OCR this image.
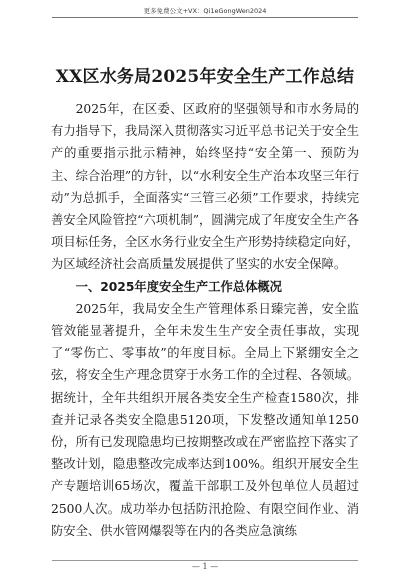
更多免费公文+VX：Qi1eGongWen2024
XX区水务局2025年安全生产工作总结

2025年，在区委、区政府的坚强领导和市水务局的有力指导下，我局深入贯彻落实习近平总书记关于安全生产的重要指示批示精神，始终坚持“安全第一、预防为主、综合治理”的方针，以“水利安全生产治本攻坚三年行动”为总抓手，全面落实“三管三必须”工作要求，持续完善安全风险管控“六项机制”，圆满完成了年度安全生产各项目标任务，全区水务行业安全生产形势持续稳定向好，为区域经济社会高质量发展提供了坚实的水安全保障。

一、2025年度安全生产工作总体概况

2025年，我局安全生产管理体系日臻完善，安全监管效能显著提升，全年未发生生产安全责任事故，实现了“零伤亡、零事故”的年度目标。全局上下紧绷安全之弦，将安全生产理念贯穿于水务工作的全过程、各领域。据统计，全年共组织开展各类安全生产检查1580次，排查并记录各类安全隐患5120项，下发整改通知单1250份，所有已发现隐患均已按期整改或在严密监控下落实了整改计划，隐患整改完成率达到100%。组织开展安全生产专题培训65场次，覆盖干部职工及外包单位人员超过2500人次。成功举办包括防汛抢险、有限空间作业、消防安全、供水管网爆裂等在内的各类应急演练

— 1 —
